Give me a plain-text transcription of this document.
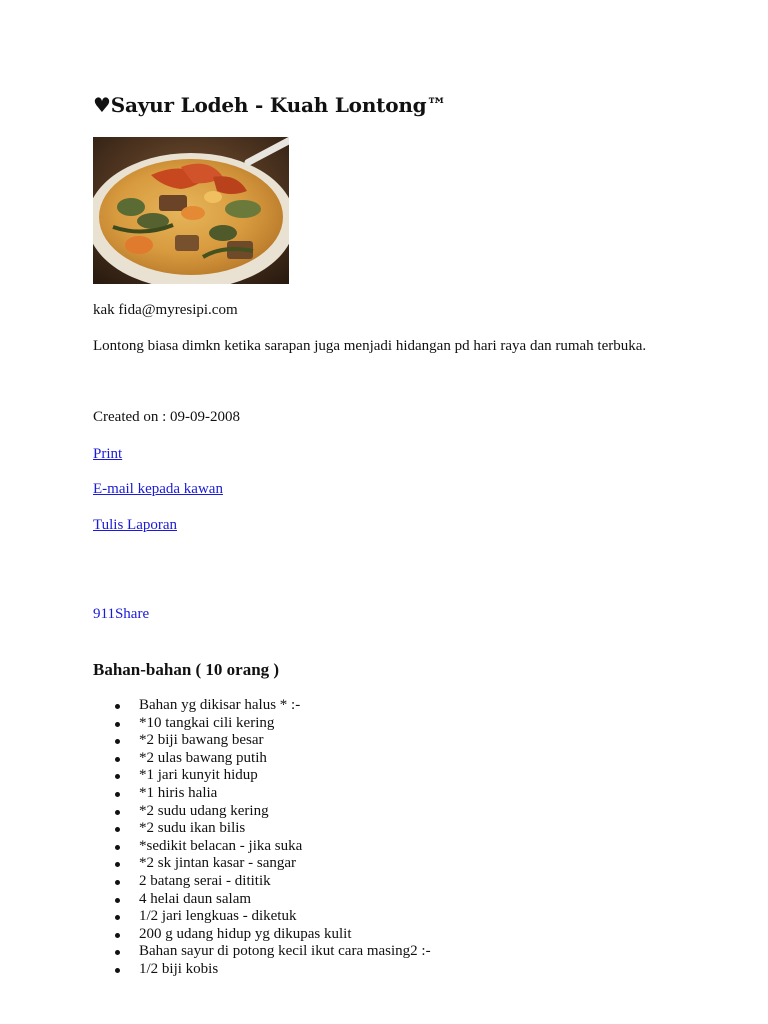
♥Sayur Lodeh - Kuah Lontong™
kak fida@myresipi.com
Lontong biasa dimkn ketika sarapan juga menjadi hidangan pd hari raya dan rumah terbuka.
Created on : 09-09-2008
Print
E-mail kepada kawan
Tulis Laporan
911Share
Bahan-bahan ( 10 orang )
Bahan yg dikisar halus * :-
*10 tangkai cili kering
*2 biji bawang besar
*2 ulas bawang putih
*1 jari kunyit hidup
*1 hiris halia
*2 sudu udang kering
*2 sudu ikan bilis
*sedikit belacan - jika suka
*2 sk jintan kasar - sangar
2 batang serai - dititik
4 helai daun salam
1/2 jari lengkuas - diketuk
200 g udang hidup yg dikupas kulit
Bahan sayur di potong kecil ikut cara masing2 :-
1/2 biji kobis
